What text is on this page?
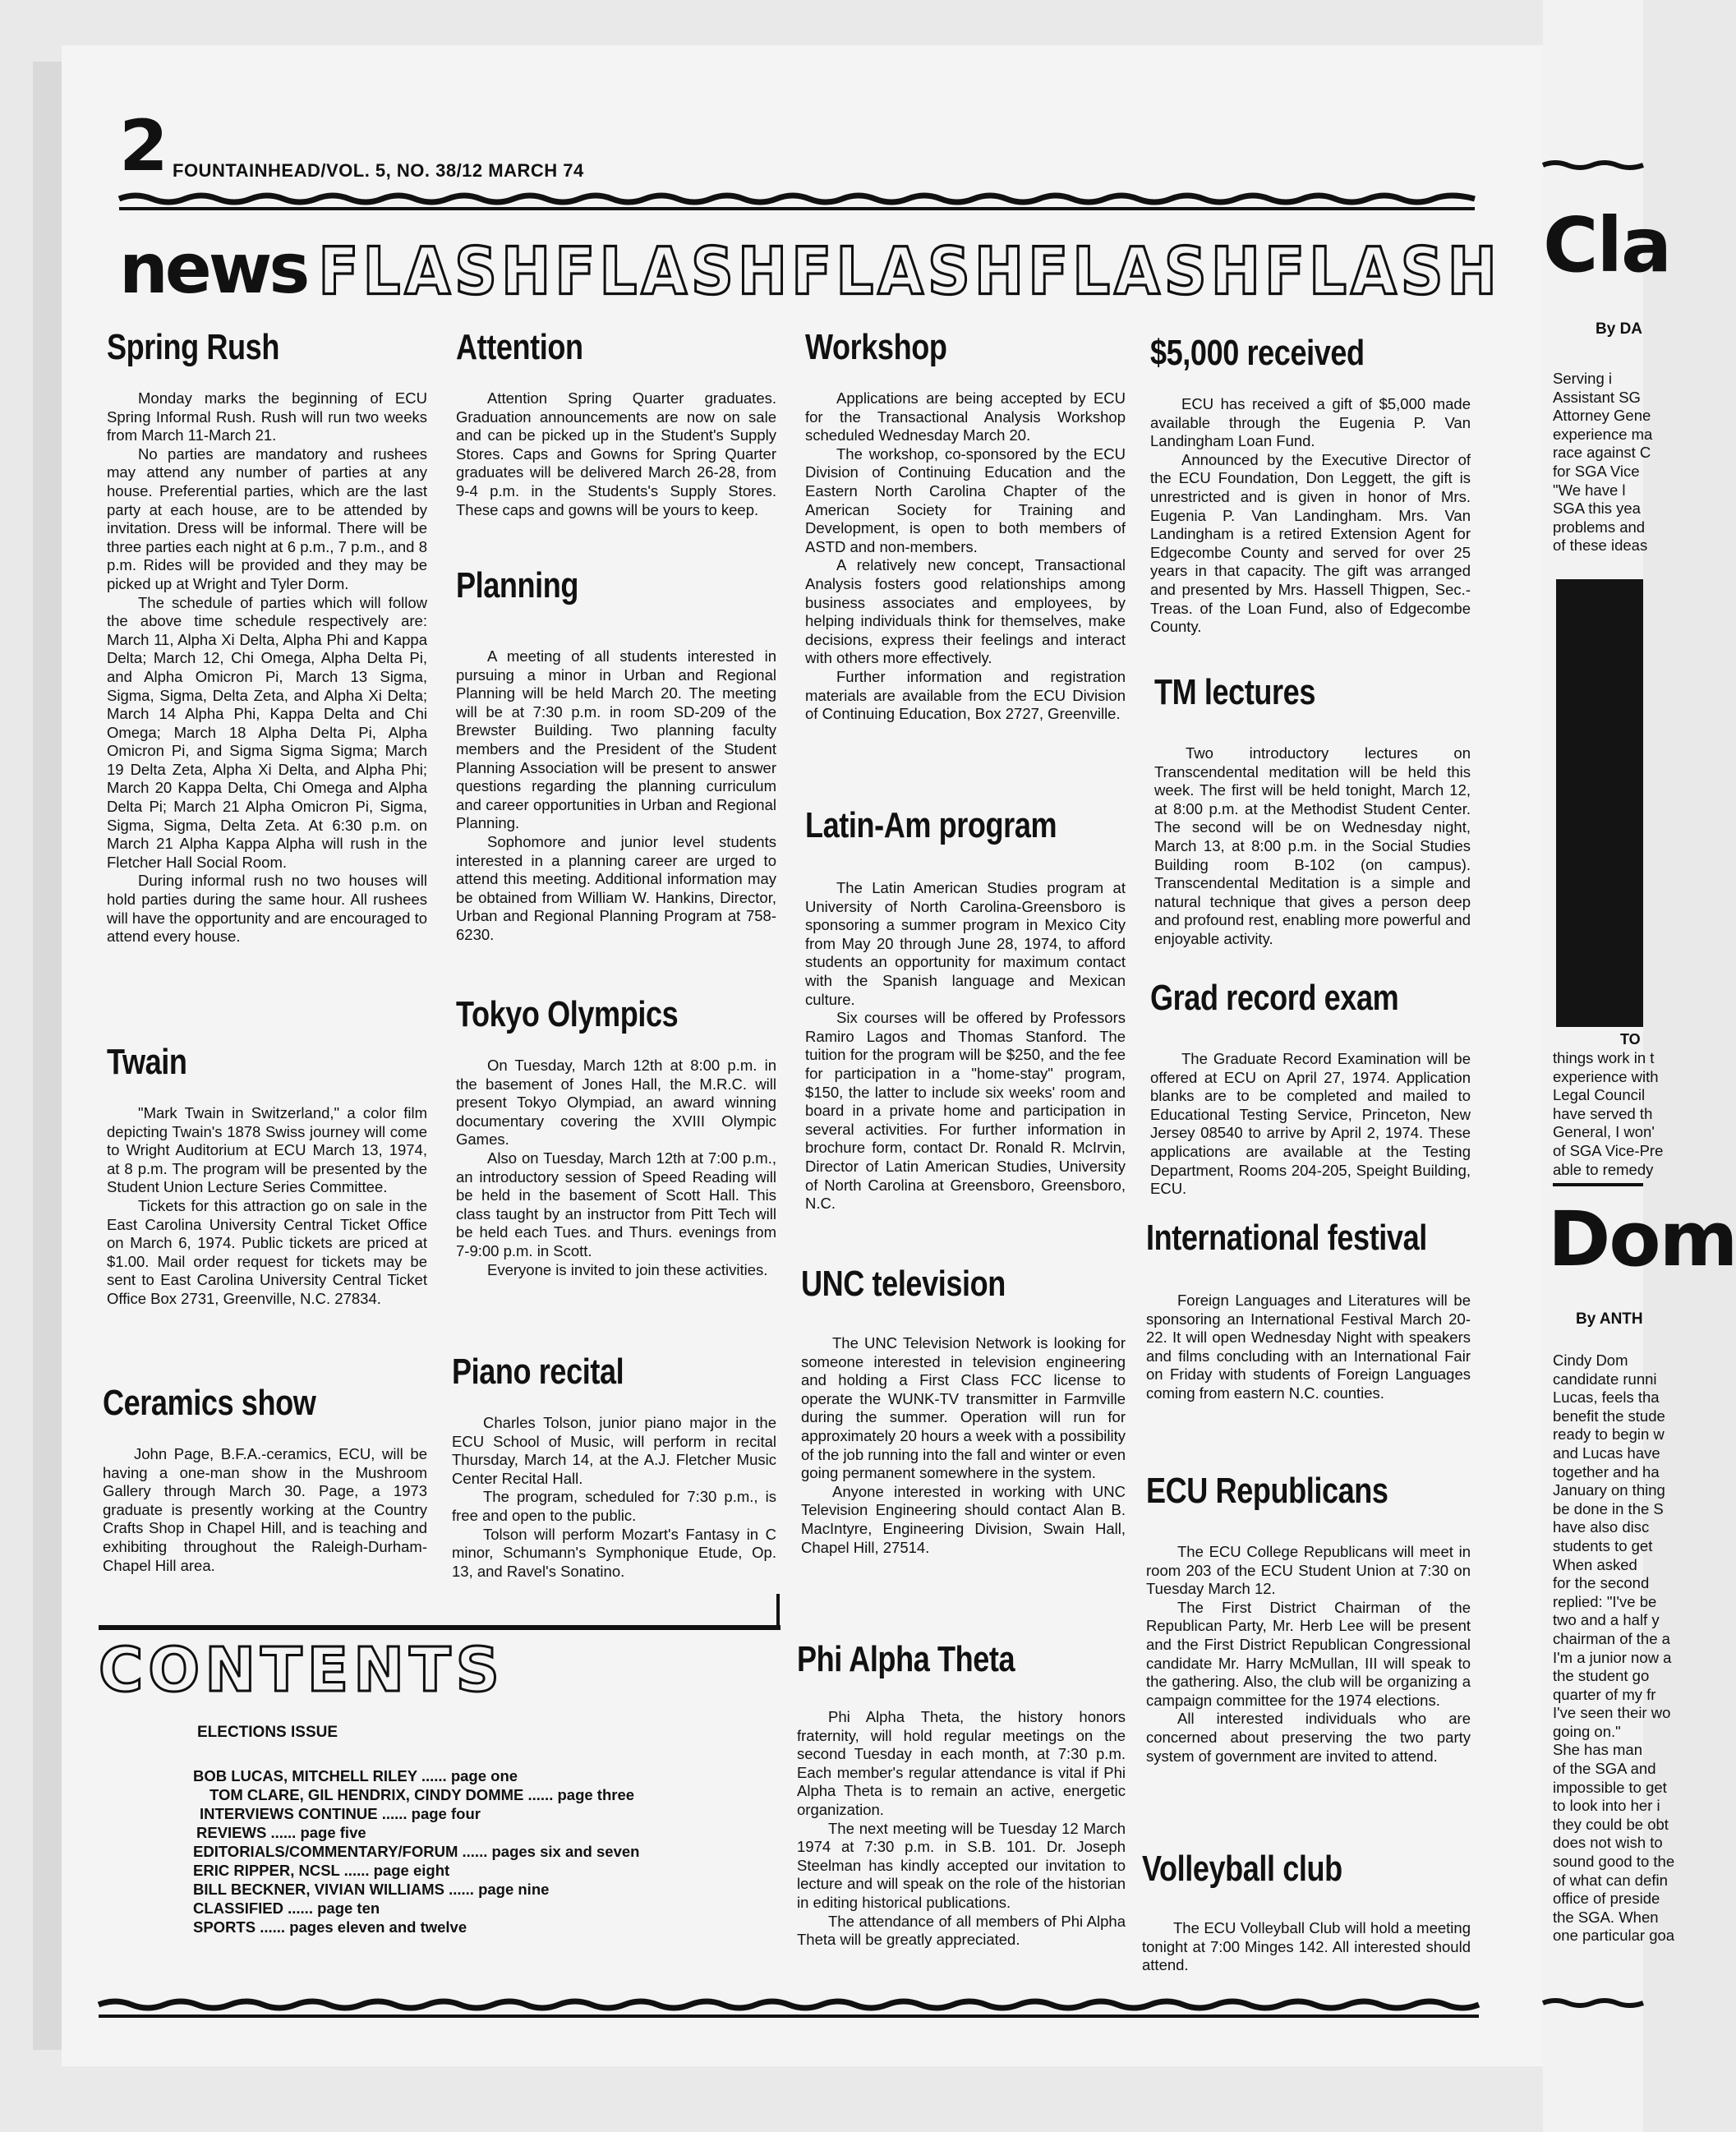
2 FOUNTAINHEAD/VOL. 5, NO. 38/12 MARCH 74
news FLASHFLASHFLASHFLASHFLASH
Spring Rush

Monday marks the beginning of ECU Spring Informal Rush. Rush will run two weeks from March 11-March 21.

No parties are mandatory and rushees may attend any number of parties at any house. Preferential parties, which are the last party at each house, are to be attended by invitation. Dress will be informal. There will be three parties each night at 6 p.m., 7 p.m., and 8 p.m. Rides will be provided and they may be picked up at Wright and Tyler Dorm.

The schedule of parties which will follow the above time schedule respectively are: March 11, Alpha Xi Delta, Alpha Phi and Kappa Delta; March 12, Chi Omega, Alpha Delta Pi, and Alpha Omicron Pi, March 13 Sigma, Sigma, Sigma, Delta Zeta, and Alpha Xi Delta; March 14 Alpha Phi, Kappa Delta and Chi Omega; March 18 Alpha Delta Pi, Alpha Omicron Pi, and Sigma Sigma Sigma; March 19 Delta Zeta, Alpha Xi Delta, and Alpha Phi; March 20 Kappa Delta, Chi Omega and Alpha Delta Pi; March 21 Alpha Omicron Pi, Sigma, Sigma, Sigma, Delta Zeta. At 6:30 p.m. on March 21 Alpha Kappa Alpha will rush in the Fletcher Hall Social Room.

During informal rush no two houses will hold parties during the same hour. All rushees will have the opportunity and are encouraged to attend every house.

Twain

"Mark Twain in Switzerland," a color film depicting Twain's 1878 Swiss journey will come to Wright Auditorium at ECU March 13, 1974, at 8 p.m. The program will be presented by the Student Union Lecture Series Committee.

Tickets for this attraction go on sale in the East Carolina University Central Ticket Office on March 6, 1974. Public tickets are priced at $1.00. Mail order request for tickets may be sent to East Carolina University Central Ticket Office Box 2731, Greenville, N.C. 27834.

Ceramics show

John Page, B.F.A.-ceramics, ECU, will be having a one-man show in the Mushroom Gallery through March 30. Page, a 1973 graduate is presently working at the Country Crafts Shop in Chapel Hill, and is teaching and exhibiting throughout the Raleigh-Durham-Chapel Hill area.

Attention

Attention Spring Quarter graduates. Graduation announcements are now on sale and can be picked up in the Student's Supply Stores. Caps and Gowns for Spring Quarter graduates will be delivered March 26-28, from 9-4 p.m. in the Students's Supply Stores. These caps and gowns will be yours to keep.

Planning

A meeting of all students interested in pursuing a minor in Urban and Regional Planning will be held March 20. The meeting will be at 7:30 p.m. in room SD-209 of the Brewster Building. Two planning faculty members and the President of the Student Planning Association will be present to answer questions regarding the planning curriculum and career opportunities in Urban and Regional Planning.

Sophomore and junior level students interested in a planning career are urged to attend this meeting. Additional information may be obtained from William W. Hankins, Director, Urban and Regional Planning Program at 758-6230.

Tokyo Olympics

On Tuesday, March 12th at 8:00 p.m. in the basement of Jones Hall, the M.R.C. will present Tokyo Olympiad, an award winning documentary covering the XVIII Olympic Games.

Also on Tuesday, March 12th at 7:00 p.m., an introductory session of Speed Reading will be held in the basement of Scott Hall. This class taught by an instructor from Pitt Tech will be held each Tues. and Thurs. evenings from 7-9:00 p.m. in Scott.

Everyone is invited to join these activities.

Piano recital

Charles Tolson, junior piano major in the ECU School of Music, will perform in recital Thursday, March 14, at the A.J. Fletcher Music Center Recital Hall.

The program, scheduled for 7:30 p.m., is free and open to the public.

Tolson will perform Mozart's Fantasy in C minor, Schumann's Symphonique Etude, Op. 13, and Ravel's Sonatino.

Workshop

Applications are being accepted by ECU for the Transactional Analysis Workshop scheduled Wednesday March 20.

The workshop, co-sponsored by the ECU Division of Continuing Education and the Eastern North Carolina Chapter of the American Society for Training and Development, is open to both members of ASTD and non-members.

A relatively new concept, Transactional Analysis fosters good relationships among business associates and employees, by helping individuals think for themselves, make decisions, express their feelings and interact with others more effectively.

Further information and registration materials are available from the ECU Division of Continuing Education, Box 2727, Greenville.

Latin-Am program

The Latin American Studies program at University of North Carolina-Greensboro is sponsoring a summer program in Mexico City from May 20 through June 28, 1974, to afford students an opportunity for maximum contact with the Spanish language and Mexican culture.

Six courses will be offered by Professors Ramiro Lagos and Thomas Stanford. The tuition for the program will be $250, and the fee for participation in a "home-stay" program, $150, the latter to include six weeks' room and board in a private home and participation in several activities. For further information in brochure form, contact Dr. Ronald R. McIrvin, Director of Latin American Studies, University of North Carolina at Greensboro, Greensboro, N.C.

UNC television

The UNC Television Network is looking for someone interested in television engineering and holding a First Class FCC license to operate the WUNK-TV transmitter in Farmville during the summer. Operation will run for approximately 20 hours a week with a possibility of the job running into the fall and winter or even going permanent somewhere in the system.

Anyone interested in working with UNC Television Engineering should contact Alan B. MacIntyre, Engineering Division, Swain Hall, Chapel Hill, 27514.

Phi Alpha Theta

Phi Alpha Theta, the history honors fraternity, will hold regular meetings on the second Tuesday in each month, at 7:30 p.m. Each member's regular attendance is vital if Phi Alpha Theta is to remain an active, energetic organization.

The next meeting will be Tuesday 12 March 1974 at 7:30 p.m. in S.B. 101. Dr. Joseph Steelman has kindly accepted our invitation to lecture and will speak on the role of the historian in editing historical publications.

The attendance of all members of Phi Alpha Theta will be greatly appreciated.

$5,000 received

ECU has received a gift of $5,000 made available through the Eugenia P. Van Landingham Loan Fund.

Announced by the Executive Director of the ECU Foundation, Don Leggett, the gift is unrestricted and is given in honor of Mrs. Eugenia P. Van Landingham. Mrs. Van Landingham is a retired Extension Agent for Edgecombe County and served for over 25 years in that capacity. The gift was arranged and presented by Mrs. Hassell Thigpen, Sec.-Treas. of the Loan Fund, also of Edgecombe County.

TM lectures

Two introductory lectures on Transcendental meditation will be held this week. The first will be held tonight, March 12, at 8:00 p.m. at the Methodist Student Center. The second will be on Wednesday night, March 13, at 8:00 p.m. in the Social Studies Building room B-102 (on campus). Transcendental Meditation is a simple and natural technique that gives a person deep and profound rest, enabling more powerful and enjoyable activity.

Grad record exam

The Graduate Record Examination will be offered at ECU on April 27, 1974. Application blanks are to be completed and mailed to Educational Testing Service, Princeton, New Jersey 08540 to arrive by April 2, 1974. These applications are available at the Testing Department, Rooms 204-205, Speight Building, ECU.

International festival

Foreign Languages and Literatures will be sponsoring an International Festival March 20-22. It will open Wednesday Night with speakers and films concluding with an International Fair on Friday with students of Foreign Languages coming from eastern N.C. counties.

ECU Republicans

The ECU College Republicans will meet in room 203 of the ECU Student Union at 7:30 on Tuesday March 12.

The First District Chairman of the Republican Party, Mr. Herb Lee will be present and the First District Republican Congressional candidate Mr. Harry McMullan, III will speak to the gathering. Also, the club will be organizing a campaign committee for the 1974 elections.

All interested individuals who are concerned about preserving the two party system of government are invited to attend.

Volleyball club

The ECU Volleyball Club will hold a meeting tonight at 7:00 Minges 142. All interested should attend.

CONTENTS
ELECTIONS ISSUE
BOB LUCAS, MITCHELL RILEY ...... page one
TOM CLARE, GIL HENDRIX, CINDY DOMME ...... page three
INTERVIEWS CONTINUE ...... page four
REVIEWS ...... page five
EDITORIALS/COMMENTARY/FORUM ...... pages six and seven
ERIC RIPPER, NCSL ...... page eight
BILL BECKNER, VIVIAN WILLIAMS ...... page nine
CLASSIFIED ...... page ten
SPORTS ...... pages eleven and twelve
Cla
By DA
Serving i
Assistant SG
Attorney Gene
experience ma
race against C
for SGA Vice
"We have l
SGA this yea
problems and
of these ideas
TO
things work in t
experience with
Legal Council
have served th
General, I won'
of SGA Vice-Pre
able to remedy
Dom
By ANTH
Cindy Dom
candidate runni
Lucas, feels tha
benefit the stude
ready to begin w
and Lucas have
together and ha
January on thing
be done in the S
have also disc
students to get
When asked
for the second
replied: "I've be
two and a half y
chairman of the a
I'm a junior now a
the student go
quarter of my fr
I've seen their wo
going on."
She has man
of the SGA and
impossible to get
to look into her i
they could be obt
does not wish to
sound good to the
of what can defin
office of preside
the SGA. When
one particular goa
